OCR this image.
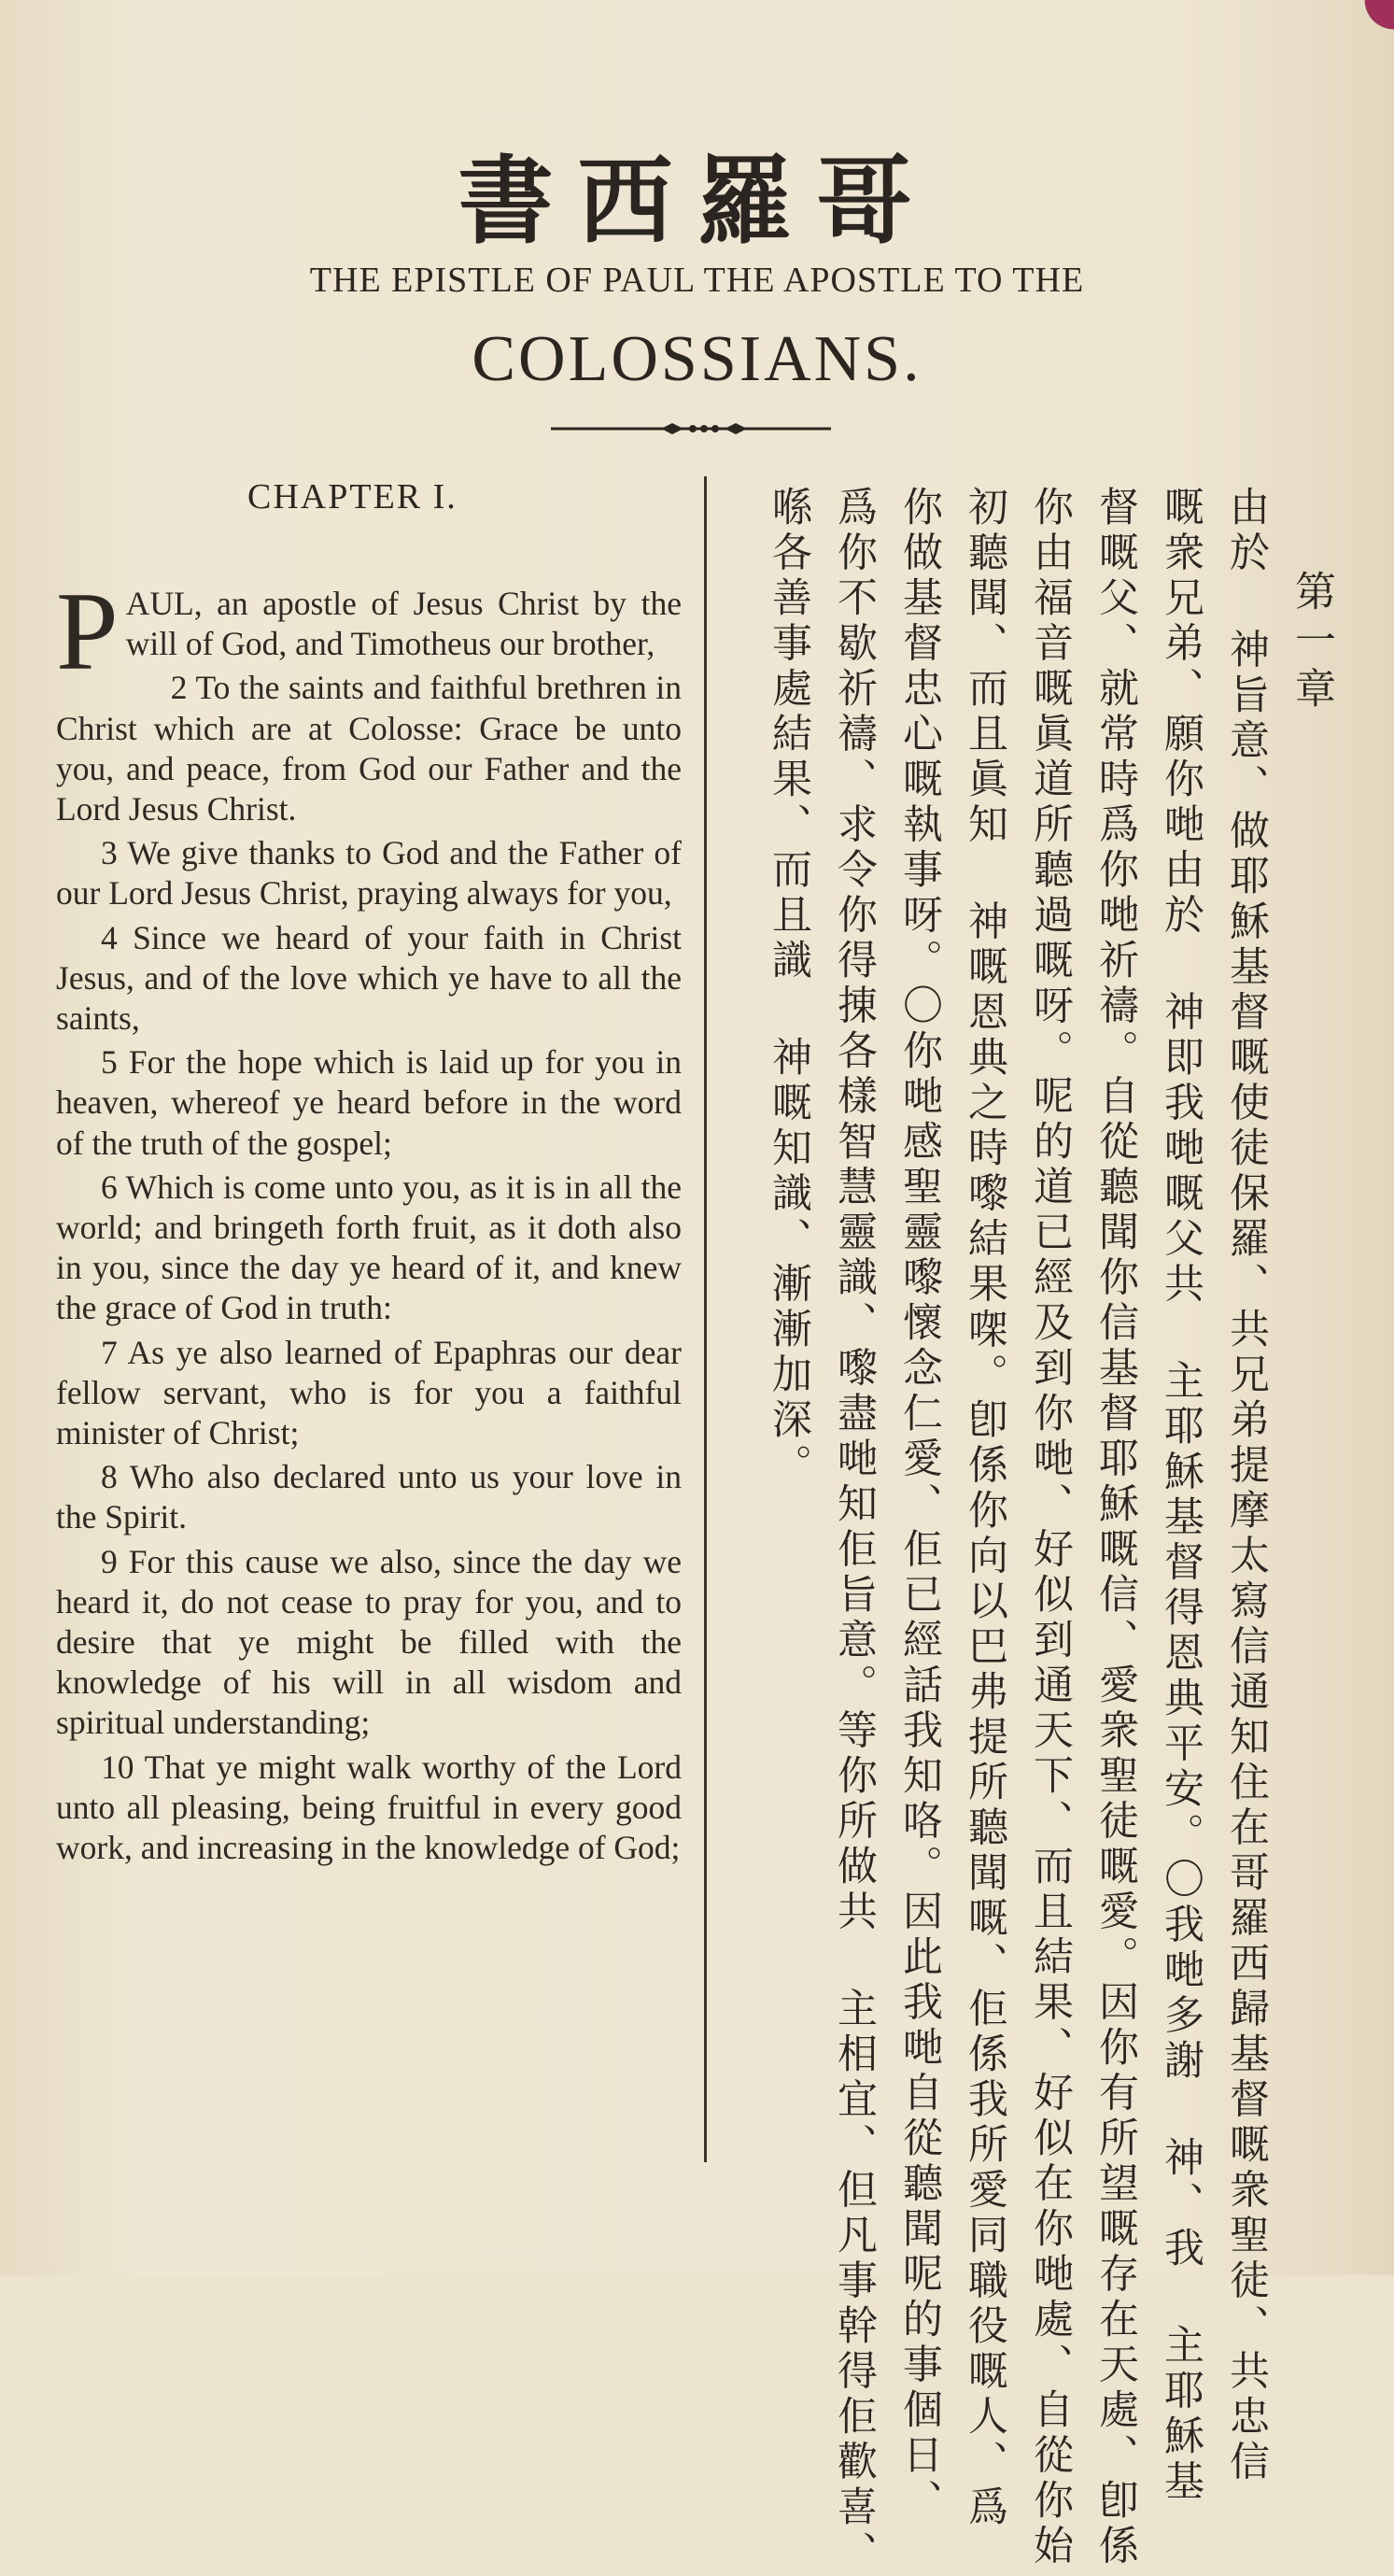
書西羅哥
THE EPISTLE OF PAUL THE APOSTLE TO THE
COLOSSIANS.
CHAPTER I.

PAUL, an apostle of Jesus Christ by the will of God, and Timotheus our brother,

2 To the saints and faithful brethren in Christ which are at Colosse: Grace be unto you, and peace, from God our Father and the Lord Jesus Christ.

3 We give thanks to God and the Father of our Lord Jesus Christ, praying always for you,

4 Since we heard of your faith in Christ Jesus, and of the love which ye have to all the saints,

5 For the hope which is laid up for you in heaven, whereof ye heard before in the word of the truth of the gospel;

6 Which is come unto you, as it is in all the world; and bringeth forth fruit, as it doth also in you, since the day ye heard of it, and knew the grace of God in truth:

7 As ye also learned of Epaphras our dear fellow servant, who is for you a faithful minister of Christ;

8 Who also declared unto us your love in the Spirit.

9 For this cause we also, since the day we heard it, do not cease to pray for you, and to desire that ye might be filled with the knowledge of his will in all wisdom and spiritual understanding;

10 That ye might walk worthy of the Lord unto all pleasing, being fruitful in every good work, and increasing in the knowledge of God;

第一章
由於 神旨意、做耶穌基督嘅使徒保羅、共兄弟提摩太寫信通知住在哥羅西歸基督嘅衆聖徒、共忠信
嘅衆兄弟、願你哋由於 神即我哋嘅父共 主耶穌基督得恩典平安。〇我哋多謝 神、我 主耶穌基
督嘅父、就常時爲你哋祈禱。自從聽聞你信基督耶穌嘅信、愛衆聖徒嘅愛。因你有所望嘅存在天處、卽係
你由福音嘅眞道所聽過嘅呀。呢的道已經及到你哋、好似到通天下、而且結果、好似在你哋處、自從你始
初聽聞、而且眞知 神嘅恩典之時嚟結果㗎。卽係你向以巴弗提所聽聞嘅、佢係我所愛同職役嘅人、爲
你做基督忠心嘅執事呀。〇你哋感聖靈嚟懷念仁愛、佢已經話我知咯。因此我哋自從聽聞呢的事個日、
爲你不歇祈禱、求令你得㨂各樣智慧靈識、嚟盡哋知佢旨意。等你所做共 主相宜、但凡事幹得佢歡喜、
喺各善事處結果、而且識 神嘅知識、漸漸加深。
